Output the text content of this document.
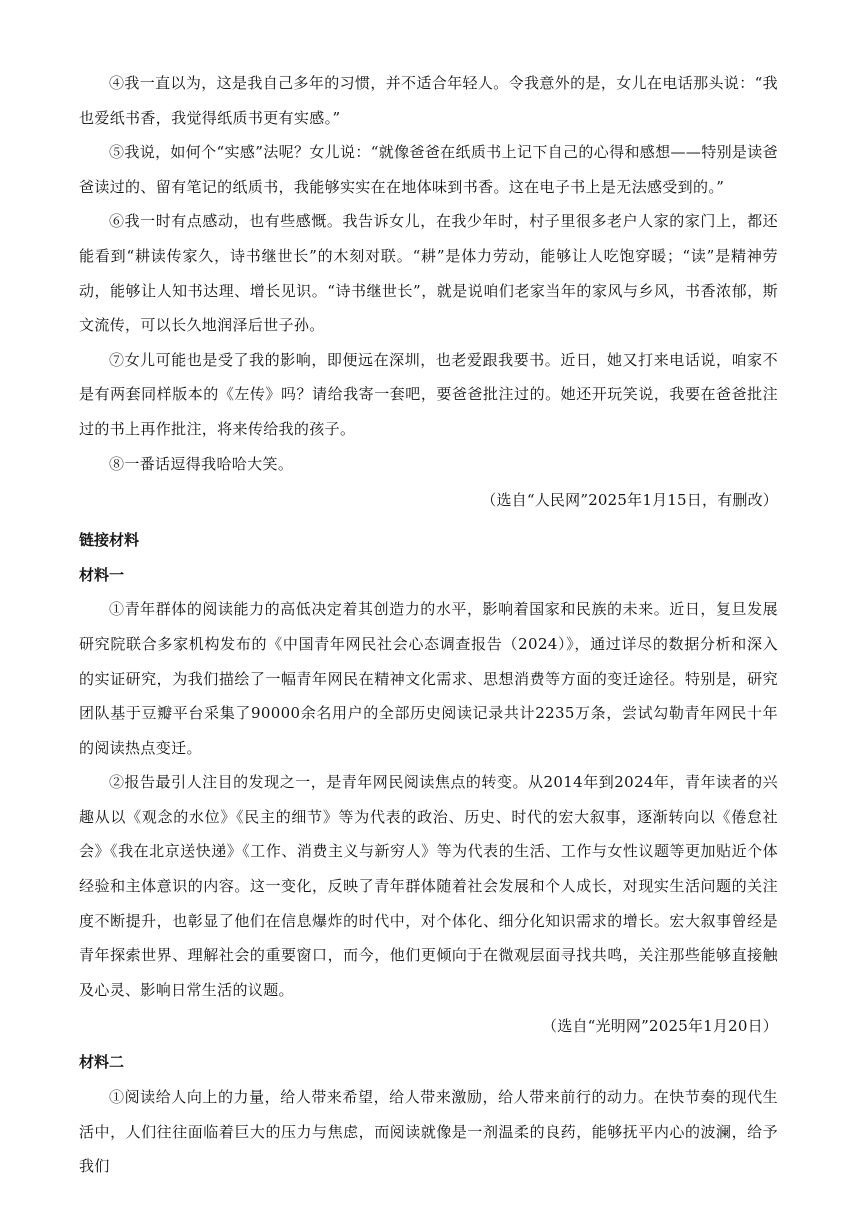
④我一直以为，这是我自己多年的习惯，并不适合年轻人。令我意外的是，女儿在电话那头说：“我也爱纸书香，我觉得纸质书更有实感。”

⑤我说，如何个“实感”法呢？女儿说：“就像爸爸在纸质书上记下自己的心得和感想——特别是读爸爸读过的、留有笔记的纸质书，我能够实实在在地体味到书香。这在电子书上是无法感受到的。”

⑥我一时有点感动，也有些感慨。我告诉女儿，在我少年时，村子里很多老户人家的家门上，都还能看到“耕读传家久，诗书继世长”的木刻对联。“耕”是体力劳动，能够让人吃饱穿暖；“读”是精神劳动，能够让人知书达理、增长见识。“诗书继世长”，就是说咱们老家当年的家风与乡风，书香浓郁，斯文流传，可以长久地润泽后世子孙。

⑦女儿可能也是受了我的影响，即便远在深圳，也老爱跟我要书。近日，她又打来电话说，咱家不是有两套同样版本的《左传》吗？请给我寄一套吧，要爸爸批注过的。她还开玩笑说，我要在爸爸批注过的书上再作批注，将来传给我的孩子。

⑧一番话逗得我哈哈大笑。

（选自“人民网”2025年1月15日，有删改）

链接材料

材料一

①青年群体的阅读能力的高低决定着其创造力的水平，影响着国家和民族的未来。近日，复旦发展研究院联合多家机构发布的《中国青年网民社会心态调查报告（2024）》，通过详尽的数据分析和深入的实证研究，为我们描绘了一幅青年网民在精神文化需求、思想消费等方面的变迁途径。特别是，研究团队基于豆瓣平台采集了90000余名用户的全部历史阅读记录共计2235万条，尝试勾勒青年网民十年的阅读热点变迁。

②报告最引人注目的发现之一，是青年网民阅读焦点的转变。从2014年到2024年，青年读者的兴趣从以《观念的水位》《民主的细节》等为代表的政治、历史、时代的宏大叙事，逐渐转向以《倦怠社会》《我在北京送快递》《工作、消费主义与新穷人》等为代表的生活、工作与女性议题等更加贴近个体经验和主体意识的内容。这一变化，反映了青年群体随着社会发展和个人成长，对现实生活问题的关注度不断提升，也彰显了他们在信息爆炸的时代中，对个体化、细分化知识需求的增长。宏大叙事曾经是青年探索世界、理解社会的重要窗口，而今，他们更倾向于在微观层面寻找共鸣，关注那些能够直接触及心灵、影响日常生活的议题。

（选自“光明网”2025年1月20日）

材料二

①阅读给人向上的力量，给人带来希望，给人带来激励，给人带来前行的动力。在快节奏的现代生活中，人们往往面临着巨大的压力与焦虑，而阅读就像是一剂温柔的良药，能够抚平内心的波澜，给予我们
